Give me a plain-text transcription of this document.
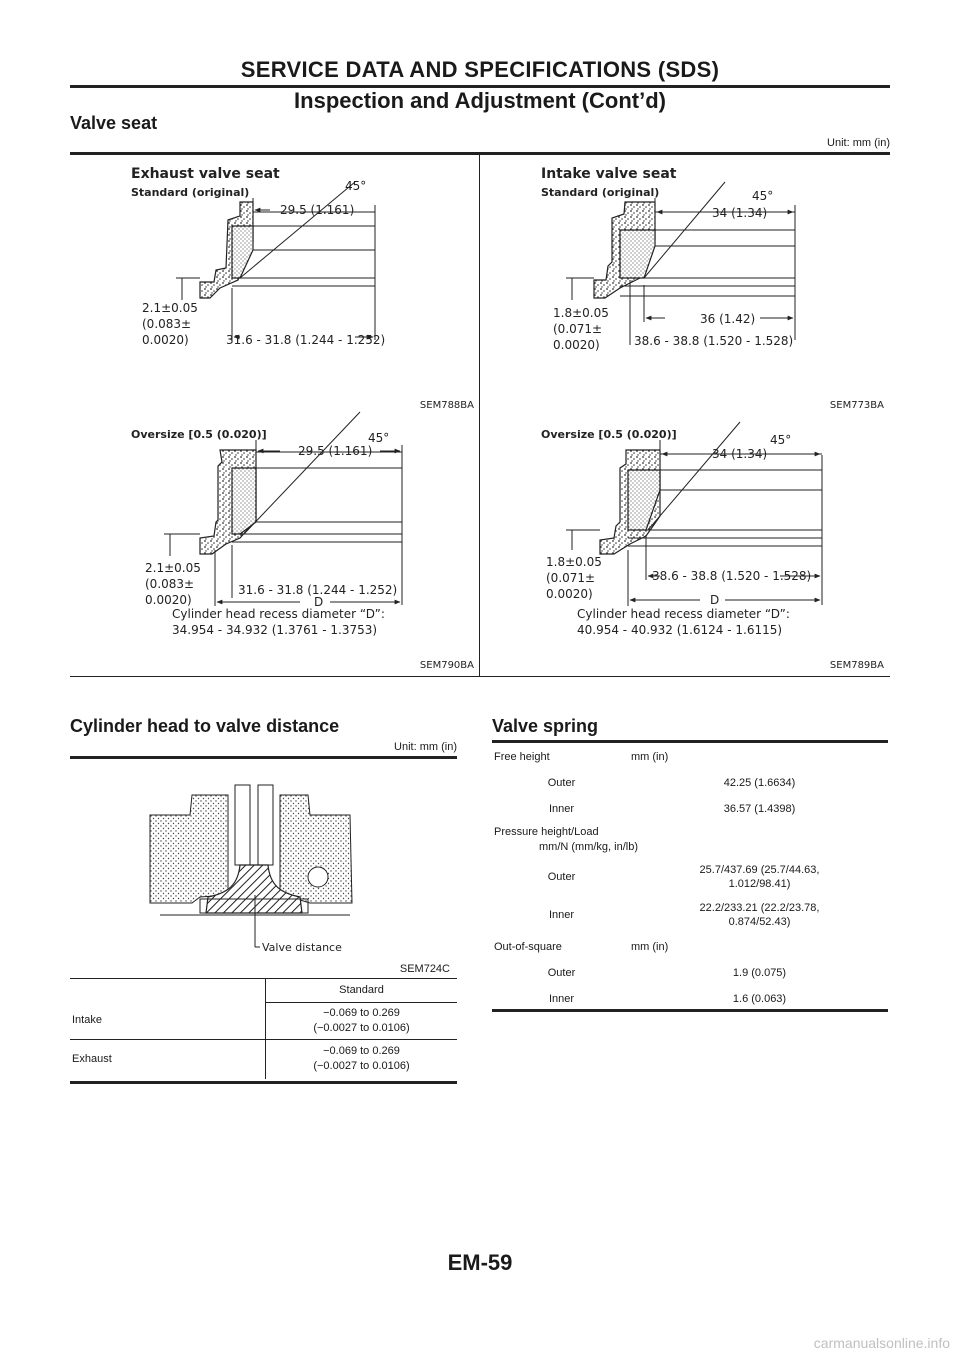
SERVICE DATA AND SPECIFICATIONS (SDS)
Inspection and Adjustment (Cont’d)
Valve seat
Unit: mm (in)
Exhaust valve seat
Standard (original)	45°
29.5 (1.161)
2.1±0.05
(0.083±
0.0020)	31.6 - 31.8 (1.244 - 1.252)
SEM788BA
Intake valve seat
Standard (original)	45°
34 (1.34)
36 (1.42)
1.8±0.05
(0.071±
0.0020)	38.6 - 38.8 (1.520 - 1.528)
SEM773BA
Oversize [0.5 (0.020)]	45°
29.5 (1.161)
2.1±0.05
(0.083±
0.0020)
31.6 - 31.8 (1.244 - 1.252)
D
Cylinder head recess diameter “D”:
34.954 - 34.932 (1.3761 - 1.3753)
SEM790BA
Oversize [0.5 (0.020)]	45°
34 (1.34)
1.8±0.05
(0.071±
0.0020)
38.6 - 38.8 (1.520 - 1.528)
D
Cylinder head recess diameter “D”:
40.954 - 40.932 (1.6124 - 1.6115)
SEM789BA
Cylinder head to valve distance
Unit: mm (in)
Valve distance
SEM724C
	Standard
Intake	−0.069 to 0.269
(−0.0027 to 0.0106)

Exhaust	−0.069 to 0.269
(−0.0027 to 0.0106)
Valve spring
Free height	mm (in)
Outer	42.25 (1.6634)
Inner	36.57 (1.4398)

Pressure height/Load
mm/N (mm/kg, in/lb)	

Outer	25.7/437.69 (25.7/44.63,
1.012/98.41)

Inner	22.2/233.21 (22.2/23.78,
0.874/52.43)

Out-of-square	mm (in)
Outer	1.9 (0.075)
Inner	1.6 (0.063)
EM-59
carmanualsonline.info
